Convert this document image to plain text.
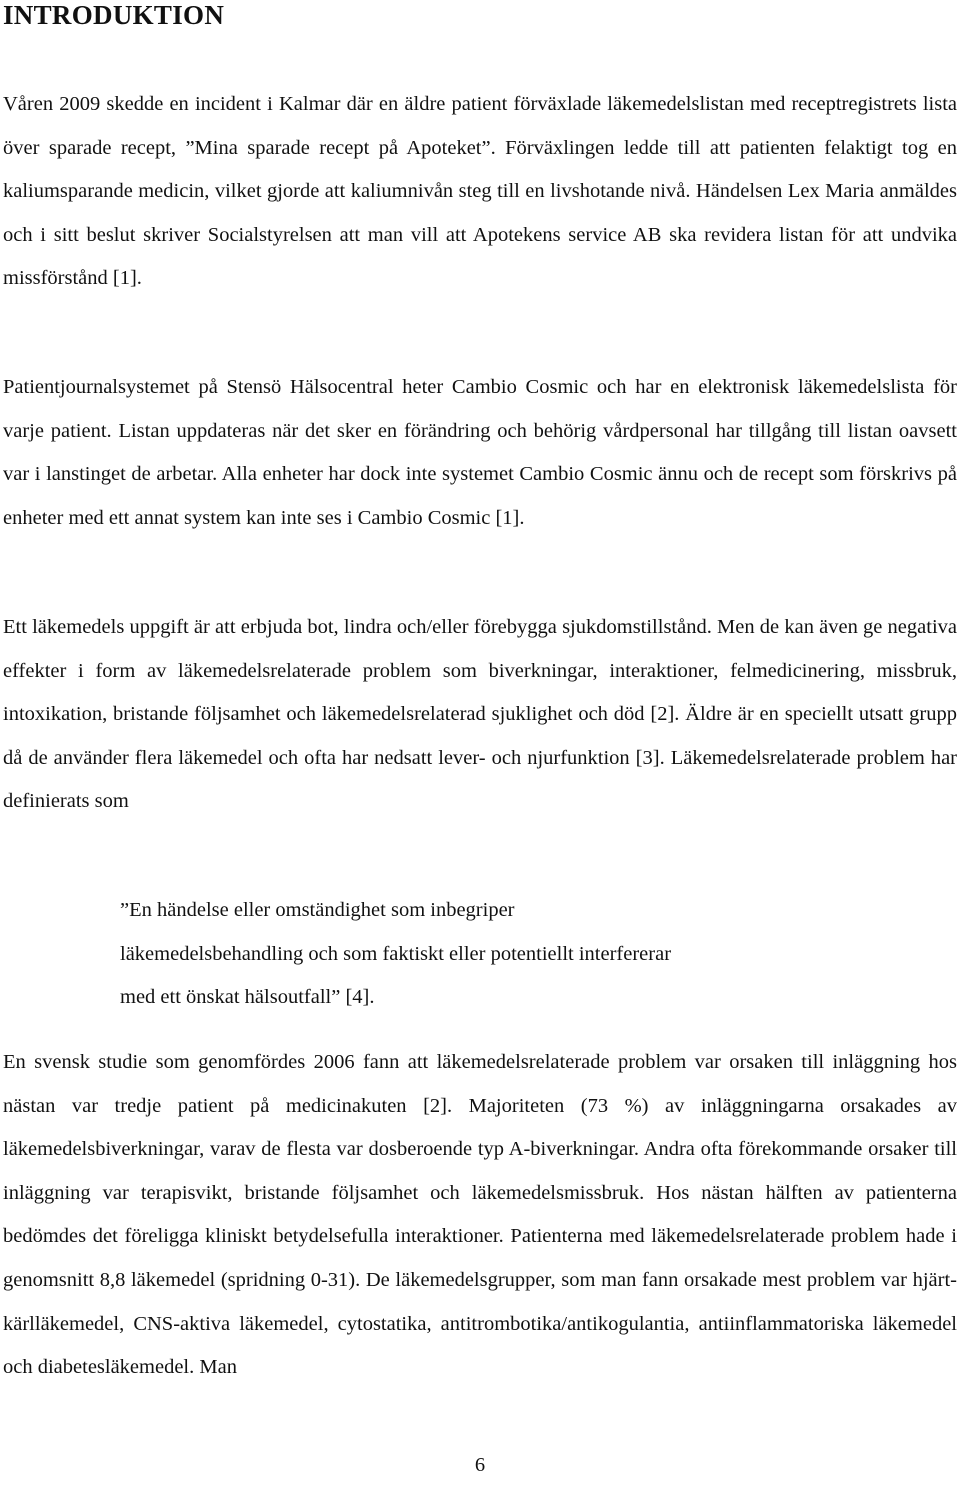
INTRODUKTION

Våren 2009 skedde en incident i Kalmar där en äldre patient förväxlade läkemedelslistan med receptregistrets lista över sparade recept, ”Mina sparade recept på Apoteket”. Förväxlingen ledde till att patienten felaktigt tog en kaliumsparande medicin, vilket gjorde att kaliumnivån steg till en livshotande nivå. Händelsen Lex Maria anmäldes och i sitt beslut skriver Socialstyrelsen att man vill att Apotekens service AB ska revidera listan för att undvika missförstånd [1].

Patientjournalsystemet på Stensö Hälsocentral heter Cambio Cosmic och har en elektronisk läkemedelslista för varje patient. Listan uppdateras när det sker en förändring och behörig vårdpersonal har tillgång till listan oavsett var i lanstinget de arbetar. Alla enheter har dock inte systemet Cambio Cosmic ännu och de recept som förskrivs på enheter med ett annat system kan inte ses i Cambio Cosmic [1].

Ett läkemedels uppgift är att erbjuda bot, lindra och/eller förebygga sjukdomstillstånd. Men de kan även ge negativa effekter i form av läkemedelsrelaterade problem som biverkningar, interaktioner, felmedicinering, missbruk, intoxikation, bristande följsamhet och läkemedelsrelaterad sjuklighet och död [2]. Äldre är en speciellt utsatt grupp då de använder flera läkemedel och ofta har nedsatt lever- och njurfunktion [3]. Läkemedelsrelaterade problem har definierats som

”En händelse eller omständighet som inbegriper
läkemedelsbehandling och som faktiskt eller potentiellt interfererar
med ett önskat hälsoutfall” [4].

En svensk studie som genomfördes 2006 fann att läkemedelsrelaterade problem var orsaken till inläggning hos nästan var tredje patient på medicinakuten [2]. Majoriteten (73 %) av inläggningarna orsakades av läkemedelsbiverkningar, varav de flesta var dosberoende typ A-biverkningar. Andra ofta förekommande orsaker till inläggning var terapisvikt, bristande följsamhet och läkemedelsmissbruk. Hos nästan hälften av patienterna bedömdes det föreligga kliniskt betydelsefulla interaktioner. Patienterna med läkemedelsrelaterade problem hade i genomsnitt 8,8 läkemedel (spridning 0-31). De läkemedelsgrupper, som man fann orsakade mest problem var hjärt-kärlläkemedel, CNS-aktiva läkemedel, cytostatika, antitrombotika/antikogulantia, antiinflammatoriska läkemedel och diabetesläkemedel. Man

6
